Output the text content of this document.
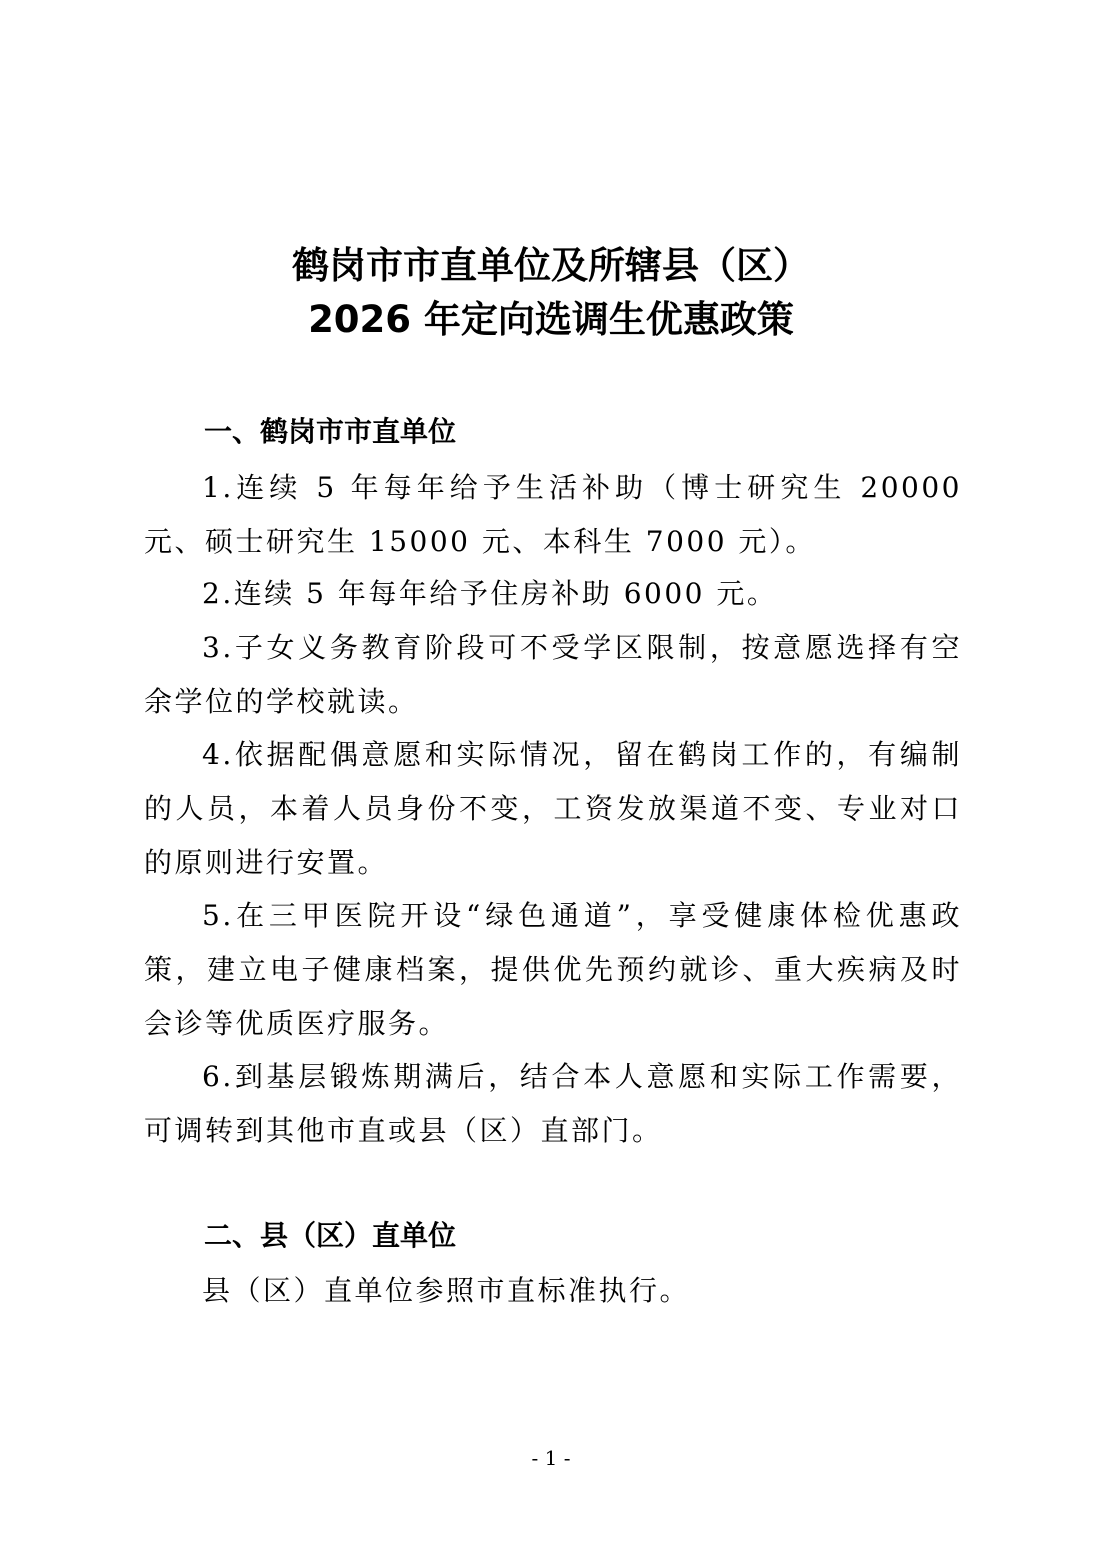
鹤岗市市直单位及所辖县（区）
2026 年定向选调生优惠政策
一、鹤岗市市直单位

1.连续 5 年每年给予生活补助（博士研究生 20000 元、硕士研究生 15000 元、本科生 7000 元）。

2.连续 5 年每年给予住房补助 6000 元。

3.子女义务教育阶段可不受学区限制，按意愿选择有空余学位的学校就读。

4.依据配偶意愿和实际情况，留在鹤岗工作的，有编制的人员，本着人员身份不变，工资发放渠道不变、专业对口的原则进行安置。

5.在三甲医院开设“绿色通道”，享受健康体检优惠政策，建立电子健康档案，提供优先预约就诊、重大疾病及时会诊等优质医疗服务。

6.到基层锻炼期满后，结合本人意愿和实际工作需要，可调转到其他市直或县（区）直部门。

二、县（区）直单位

县（区）直单位参照市直标准执行。

- 1 -
